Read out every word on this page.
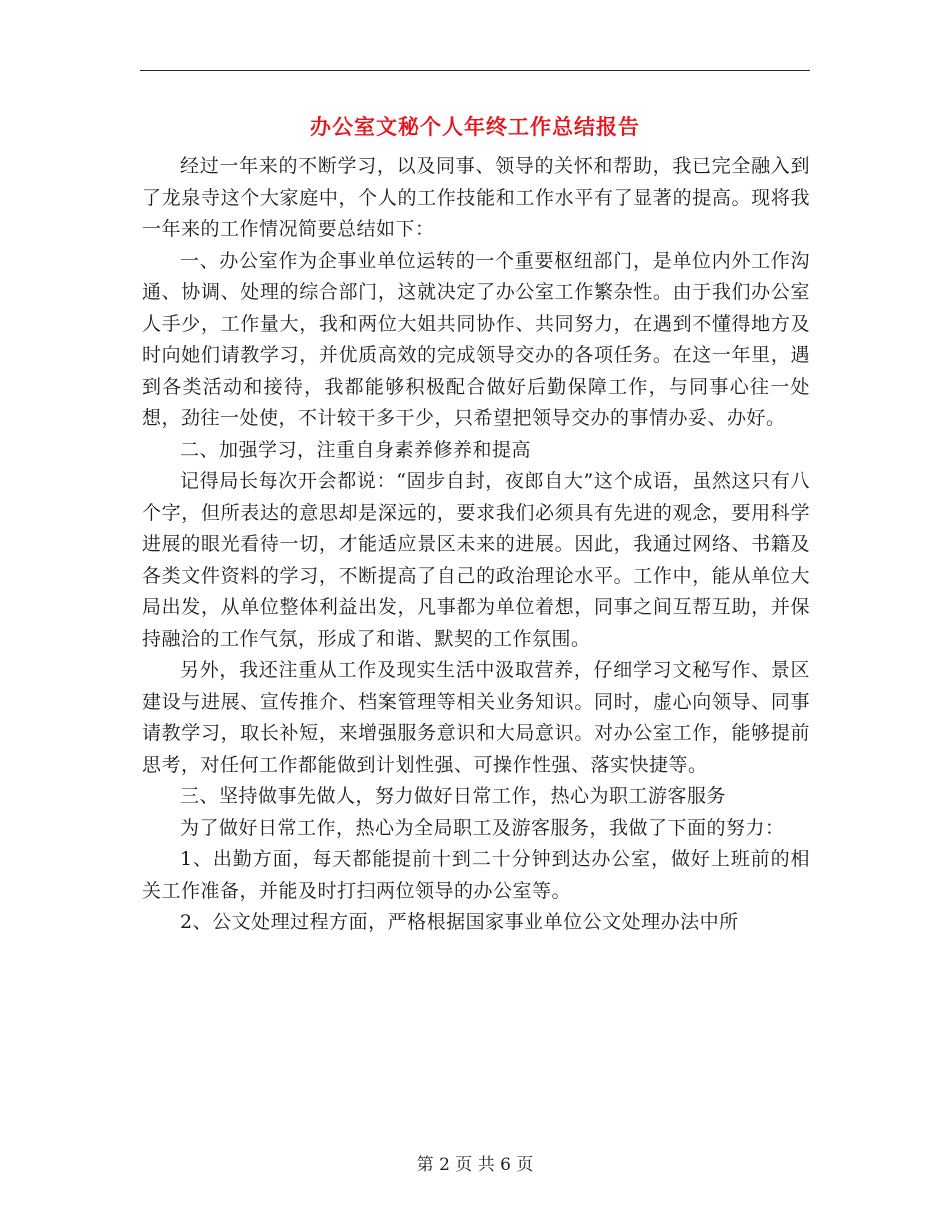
办公室文秘个人年终工作总结报告

经过一年来的不断学习，以及同事、领导的关怀和帮助，我已完全融入到了龙泉寺这个大家庭中，个人的工作技能和工作水平有了显著的提高。现将我一年来的工作情况简要总结如下：

一、办公室作为企事业单位运转的一个重要枢纽部门，是单位内外工作沟通、协调、处理的综合部门，这就决定了办公室工作繁杂性。由于我们办公室人手少，工作量大，我和两位大姐共同协作、共同努力，在遇到不懂得地方及时向她们请教学习，并优质高效的完成领导交办的各项任务。在这一年里，遇到各类活动和接待，我都能够积极配合做好后勤保障工作，与同事心往一处想，劲往一处使，不计较干多干少，只希望把领导交办的事情办妥、办好。

二、加强学习，注重自身素养修养和提高

记得局长每次开会都说：“固步自封，夜郎自大”这个成语，虽然这只有八个字，但所表达的意思却是深远的，要求我们必须具有先进的观念，要用科学进展的眼光看待一切，才能适应景区未来的进展。因此，我通过网络、书籍及各类文件资料的学习，不断提高了自己的政治理论水平。工作中，能从单位大局出发，从单位整体利益出发，凡事都为单位着想，同事之间互帮互助，并保持融洽的工作气氛，形成了和谐、默契的工作氛围。

另外，我还注重从工作及现实生活中汲取营养，仔细学习文秘写作、景区建设与进展、宣传推介、档案管理等相关业务知识。同时，虚心向领导、同事请教学习，取长补短，来增强服务意识和大局意识。对办公室工作，能够提前思考，对任何工作都能做到计划性强、可操作性强、落实快捷等。

三、坚持做事先做人，努力做好日常工作，热心为职工游客服务

为了做好日常工作，热心为全局职工及游客服务，我做了下面的努力：

1、出勤方面，每天都能提前十到二十分钟到达办公室，做好上班前的相关工作准备，并能及时打扫两位领导的办公室等。

2、公文处理过程方面，严格根据国家事业单位公文处理办法中所

第 2 页 共 6 页
